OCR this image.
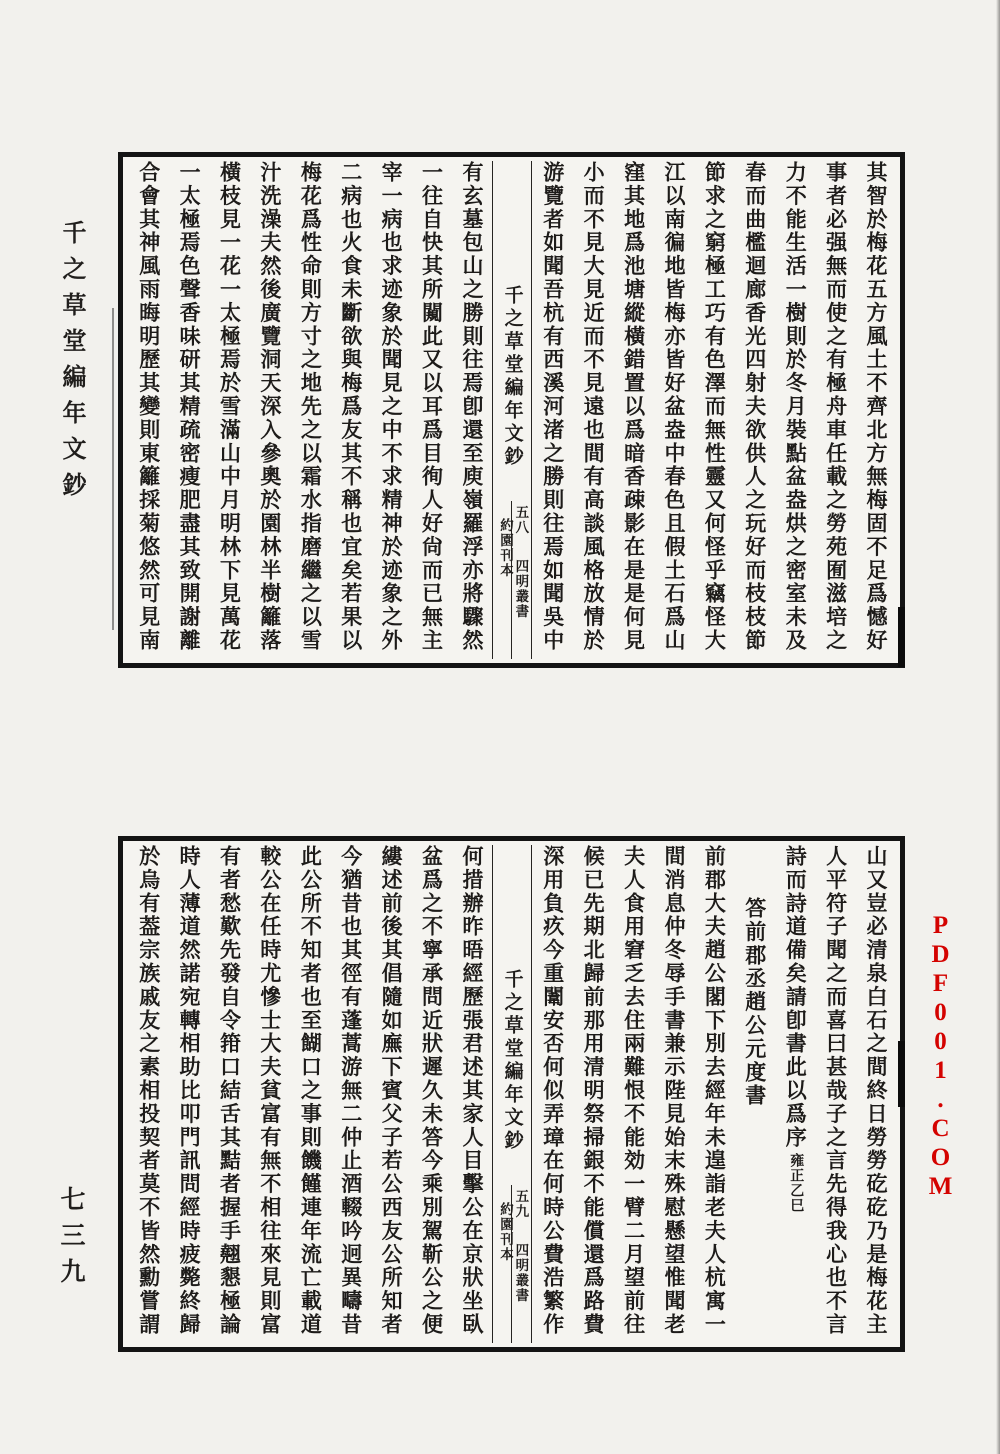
千之草堂編年文鈔
七三九
PDF001.COM
其智於梅花五方風土不齊北方無梅固不足爲憾好
事者必强無而使之有極舟車任載之勞苑囿滋培之
力不能生活一樹則於冬月裝點盆盎烘之密室未及
春而曲檻迴廊香光四射夫欲供人之玩好而枝枝節
節求之窮極工巧有色澤而無性靈又何怪乎竊怪大
江以南徧地皆梅亦皆好盆盎中春色且假土石爲山
窪其地爲池塘縱橫錯置以爲暗香疎影在是是何見
小而不見大見近而不見遠也間有高談風格放情於
游覽者如聞吾杭有西溪河渚之勝則往焉如聞吳中
千之草堂編年文鈔
五八 四明叢書
約園刊本
有玄墓包山之勝則往焉卽還至庾嶺羅浮亦將驟然
一往自快其所闚此又以耳爲目徇人好尙而已無主
宰一病也求迹象於聞見之中不求精神於迹象之外
二病也火食未斷欲與梅爲友其不稱也宜矣若果以
梅花爲性命則方寸之地先之以霜水指磨繼之以雪
汁洗澡夫然後廣覽洞天深入參奧於園林半樹籬落
橫枝見一花一太極焉於雪滿山中月明林下見萬花
一太極焉色聲香味研其精疏密瘦肥盡其致開謝離
合會其神風雨晦明歷其變則東籬採菊悠然可見南
山又豈必清泉白石之間終日勞勞矻矻乃是梅花主
人平符子聞之而喜曰甚哉子之言先得我心也不言
詩而詩道備矣請卽書此以爲序雍正乙巳
答前郡丞趙公元度書
前郡大夫趙公閣下別去經年未遑詣老夫人杭寓一
間消息仲冬辱手書兼示陛見始末殊慰懸望惟聞老
夫人食用窘乏去住兩難恨不能効一臂二月望前往
候已先期北歸前那用清明祭掃銀不能償還爲路費
深用負疚今重闈安否何似弄璋在何時公費浩繁作
千之草堂編年文鈔
五九 四明叢書
約園刊本
何措辦昨晤經歷張君述其家人目擊公在京狀坐臥
盆爲之不寧承問近狀遲久未答今乘別駕靳公之便
縷述前後其倡隨如廡下賓父子若公西友公所知者
今猶昔也其徑有蓬蒿游無二仲止酒輟吟迥異疇昔
此公所不知者也至餬口之事則饑饉連年流亡載道
較公在任時尤慘士大夫貧富有無不相往來見則富
有者愁歎先發自令箝口結舌其黠者握手翹懇極論
時人薄道然諾宛轉相助比叩門訊問經時疲斃終歸
於烏有葢宗族戚友之素相投契者莫不皆然勳嘗謂
